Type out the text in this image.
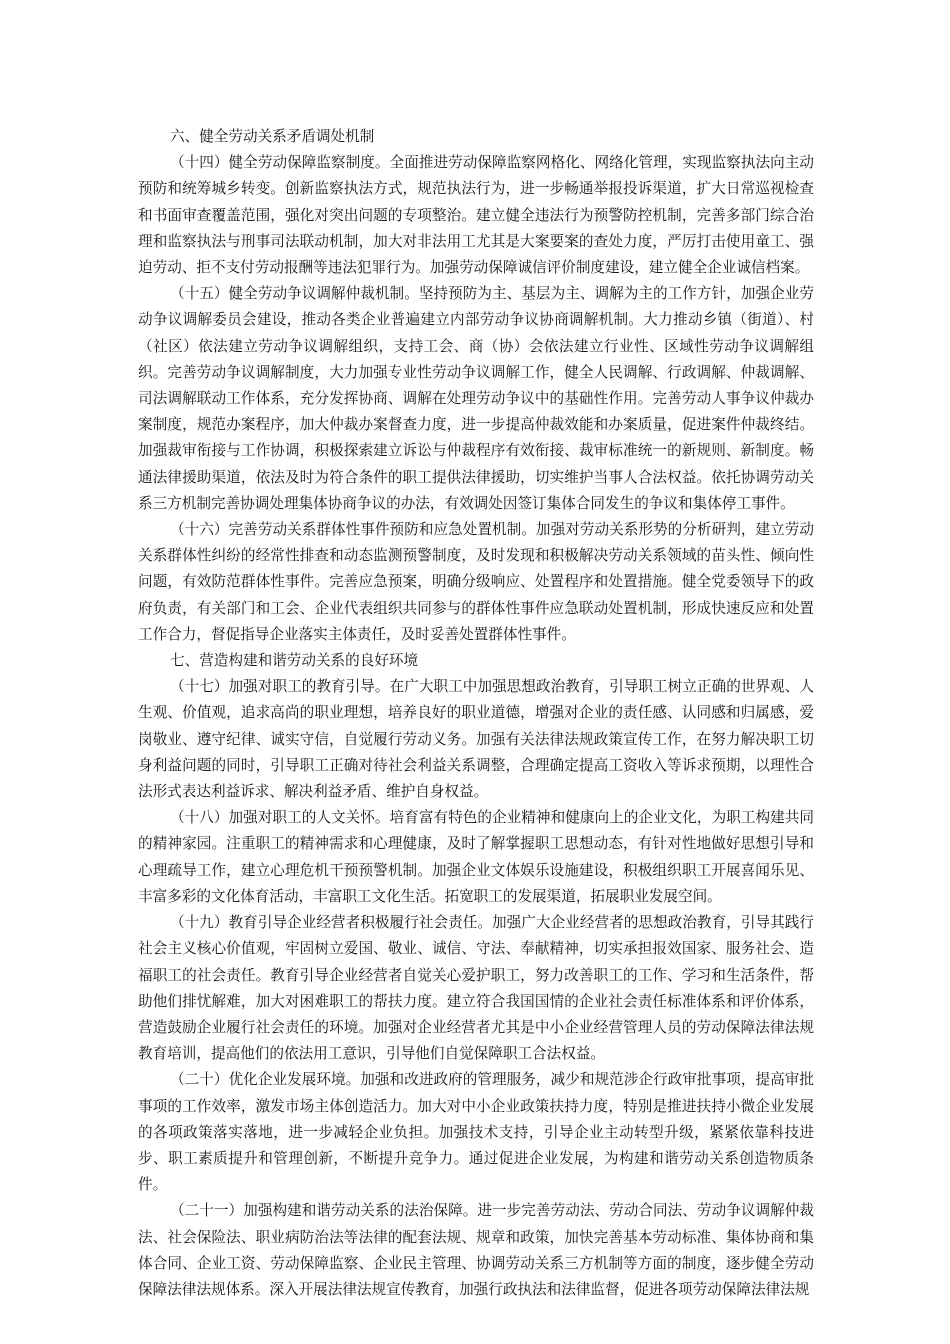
六、健全劳动关系矛盾调处机制

（十四）健全劳动保障监察制度。全面推进劳动保障监察网格化、网络化管理，实现监察执法向主动预防和统筹城乡转变。创新监察执法方式，规范执法行为，进一步畅通举报投诉渠道，扩大日常巡视检查和书面审查覆盖范围，强化对突出问题的专项整治。建立健全违法行为预警防控机制，完善多部门综合治理和监察执法与刑事司法联动机制，加大对非法用工尤其是大案要案的查处力度，严厉打击使用童工、强迫劳动、拒不支付劳动报酬等违法犯罪行为。加强劳动保障诚信评价制度建设，建立健全企业诚信档案。

（十五）健全劳动争议调解仲裁机制。坚持预防为主、基层为主、调解为主的工作方针，加强企业劳动争议调解委员会建设，推动各类企业普遍建立内部劳动争议协商调解机制。大力推动乡镇（街道）、村（社区）依法建立劳动争议调解组织，支持工会、商（协）会依法建立行业性、区域性劳动争议调解组织。完善劳动争议调解制度，大力加强专业性劳动争议调解工作，健全人民调解、行政调解、仲裁调解、司法调解联动工作体系，充分发挥协商、调解在处理劳动争议中的基础性作用。完善劳动人事争议仲裁办案制度，规范办案程序，加大仲裁办案督查力度，进一步提高仲裁效能和办案质量，促进案件仲裁终结。加强裁审衔接与工作协调，积极探索建立诉讼与仲裁程序有效衔接、裁审标准统一的新规则、新制度。畅通法律援助渠道，依法及时为符合条件的职工提供法律援助，切实维护当事人合法权益。依托协调劳动关系三方机制完善协调处理集体协商争议的办法，有效调处因签订集体合同发生的争议和集体停工事件。

（十六）完善劳动关系群体性事件预防和应急处置机制。加强对劳动关系形势的分析研判，建立劳动关系群体性纠纷的经常性排查和动态监测预警制度，及时发现和积极解决劳动关系领域的苗头性、倾向性问题，有效防范群体性事件。完善应急预案，明确分级响应、处置程序和处置措施。健全党委领导下的政府负责，有关部门和工会、企业代表组织共同参与的群体性事件应急联动处置机制，形成快速反应和处置工作合力，督促指导企业落实主体责任，及时妥善处置群体性事件。

七、营造构建和谐劳动关系的良好环境

（十七）加强对职工的教育引导。在广大职工中加强思想政治教育，引导职工树立正确的世界观、人生观、价值观，追求高尚的职业理想，培养良好的职业道德，增强对企业的责任感、认同感和归属感，爱岗敬业、遵守纪律、诚实守信，自觉履行劳动义务。加强有关法律法规政策宣传工作，在努力解决职工切身利益问题的同时，引导职工正确对待社会利益关系调整，合理确定提高工资收入等诉求预期，以理性合法形式表达利益诉求、解决利益矛盾、维护自身权益。

（十八）加强对职工的人文关怀。培育富有特色的企业精神和健康向上的企业文化，为职工构建共同的精神家园。注重职工的精神需求和心理健康，及时了解掌握职工思想动态，有针对性地做好思想引导和心理疏导工作，建立心理危机干预预警机制。加强企业文体娱乐设施建设，积极组织职工开展喜闻乐见、丰富多彩的文化体育活动，丰富职工文化生活。拓宽职工的发展渠道，拓展职业发展空间。

（十九）教育引导企业经营者积极履行社会责任。加强广大企业经营者的思想政治教育，引导其践行社会主义核心价值观，牢固树立爱国、敬业、诚信、守法、奉献精神，切实承担报效国家、服务社会、造福职工的社会责任。教育引导企业经营者自觉关心爱护职工，努力改善职工的工作、学习和生活条件，帮助他们排忧解难，加大对困难职工的帮扶力度。建立符合我国国情的企业社会责任标准体系和评价体系，营造鼓励企业履行社会责任的环境。加强对企业经营者尤其是中小企业经营管理人员的劳动保障法律法规教育培训，提高他们的依法用工意识，引导他们自觉保障职工合法权益。

（二十）优化企业发展环境。加强和改进政府的管理服务，减少和规范涉企行政审批事项，提高审批事项的工作效率，激发市场主体创造活力。加大对中小企业政策扶持力度，特别是推进扶持小微企业发展的各项政策落实落地，进一步减轻企业负担。加强技术支持，引导企业主动转型升级，紧紧依靠科技进步、职工素质提升和管理创新，不断提升竞争力。通过促进企业发展，为构建和谐劳动关系创造物质条件。

（二十一）加强构建和谐劳动关系的法治保障。进一步完善劳动法、劳动合同法、劳动争议调解仲裁法、社会保险法、职业病防治法等法律的配套法规、规章和政策，加快完善基本劳动标准、集体协商和集体合同、企业工资、劳动保障监察、企业民主管理、协调劳动关系三方机制等方面的制度，逐步健全劳动保障法律法规体系。深入开展法律法规宣传教育，加强行政执法和法律监督，促进各项劳动保障法律法规
